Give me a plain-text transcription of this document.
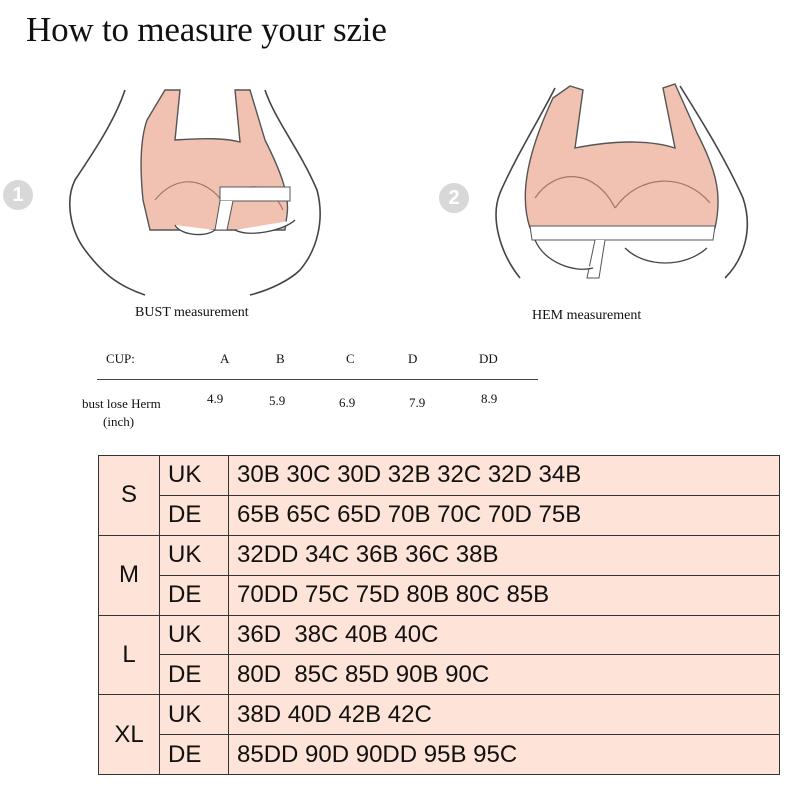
How to measure your szie
1
BUST measurement
2
HEM measurement
CUP:	A	B	C	D	DD
bust lose Herm
(inch)
4.9	5.9	6.9	7.9	8.9
S	UK	30B 30C 30D 32B 32C 32D 34B
	DE	65B 65C 65D 70B 70C 70D 75B
M	UK	32DD 34C 36B 36C 38B
	DE	70DD 75C 75D 80B 80C 85B
L	UK	36D  38C 40B 40C
	DE	80D  85C 85D 90B 90C
XL	UK	38D 40D 42B 42C
	DE	85DD 90D 90DD 95B 95C
